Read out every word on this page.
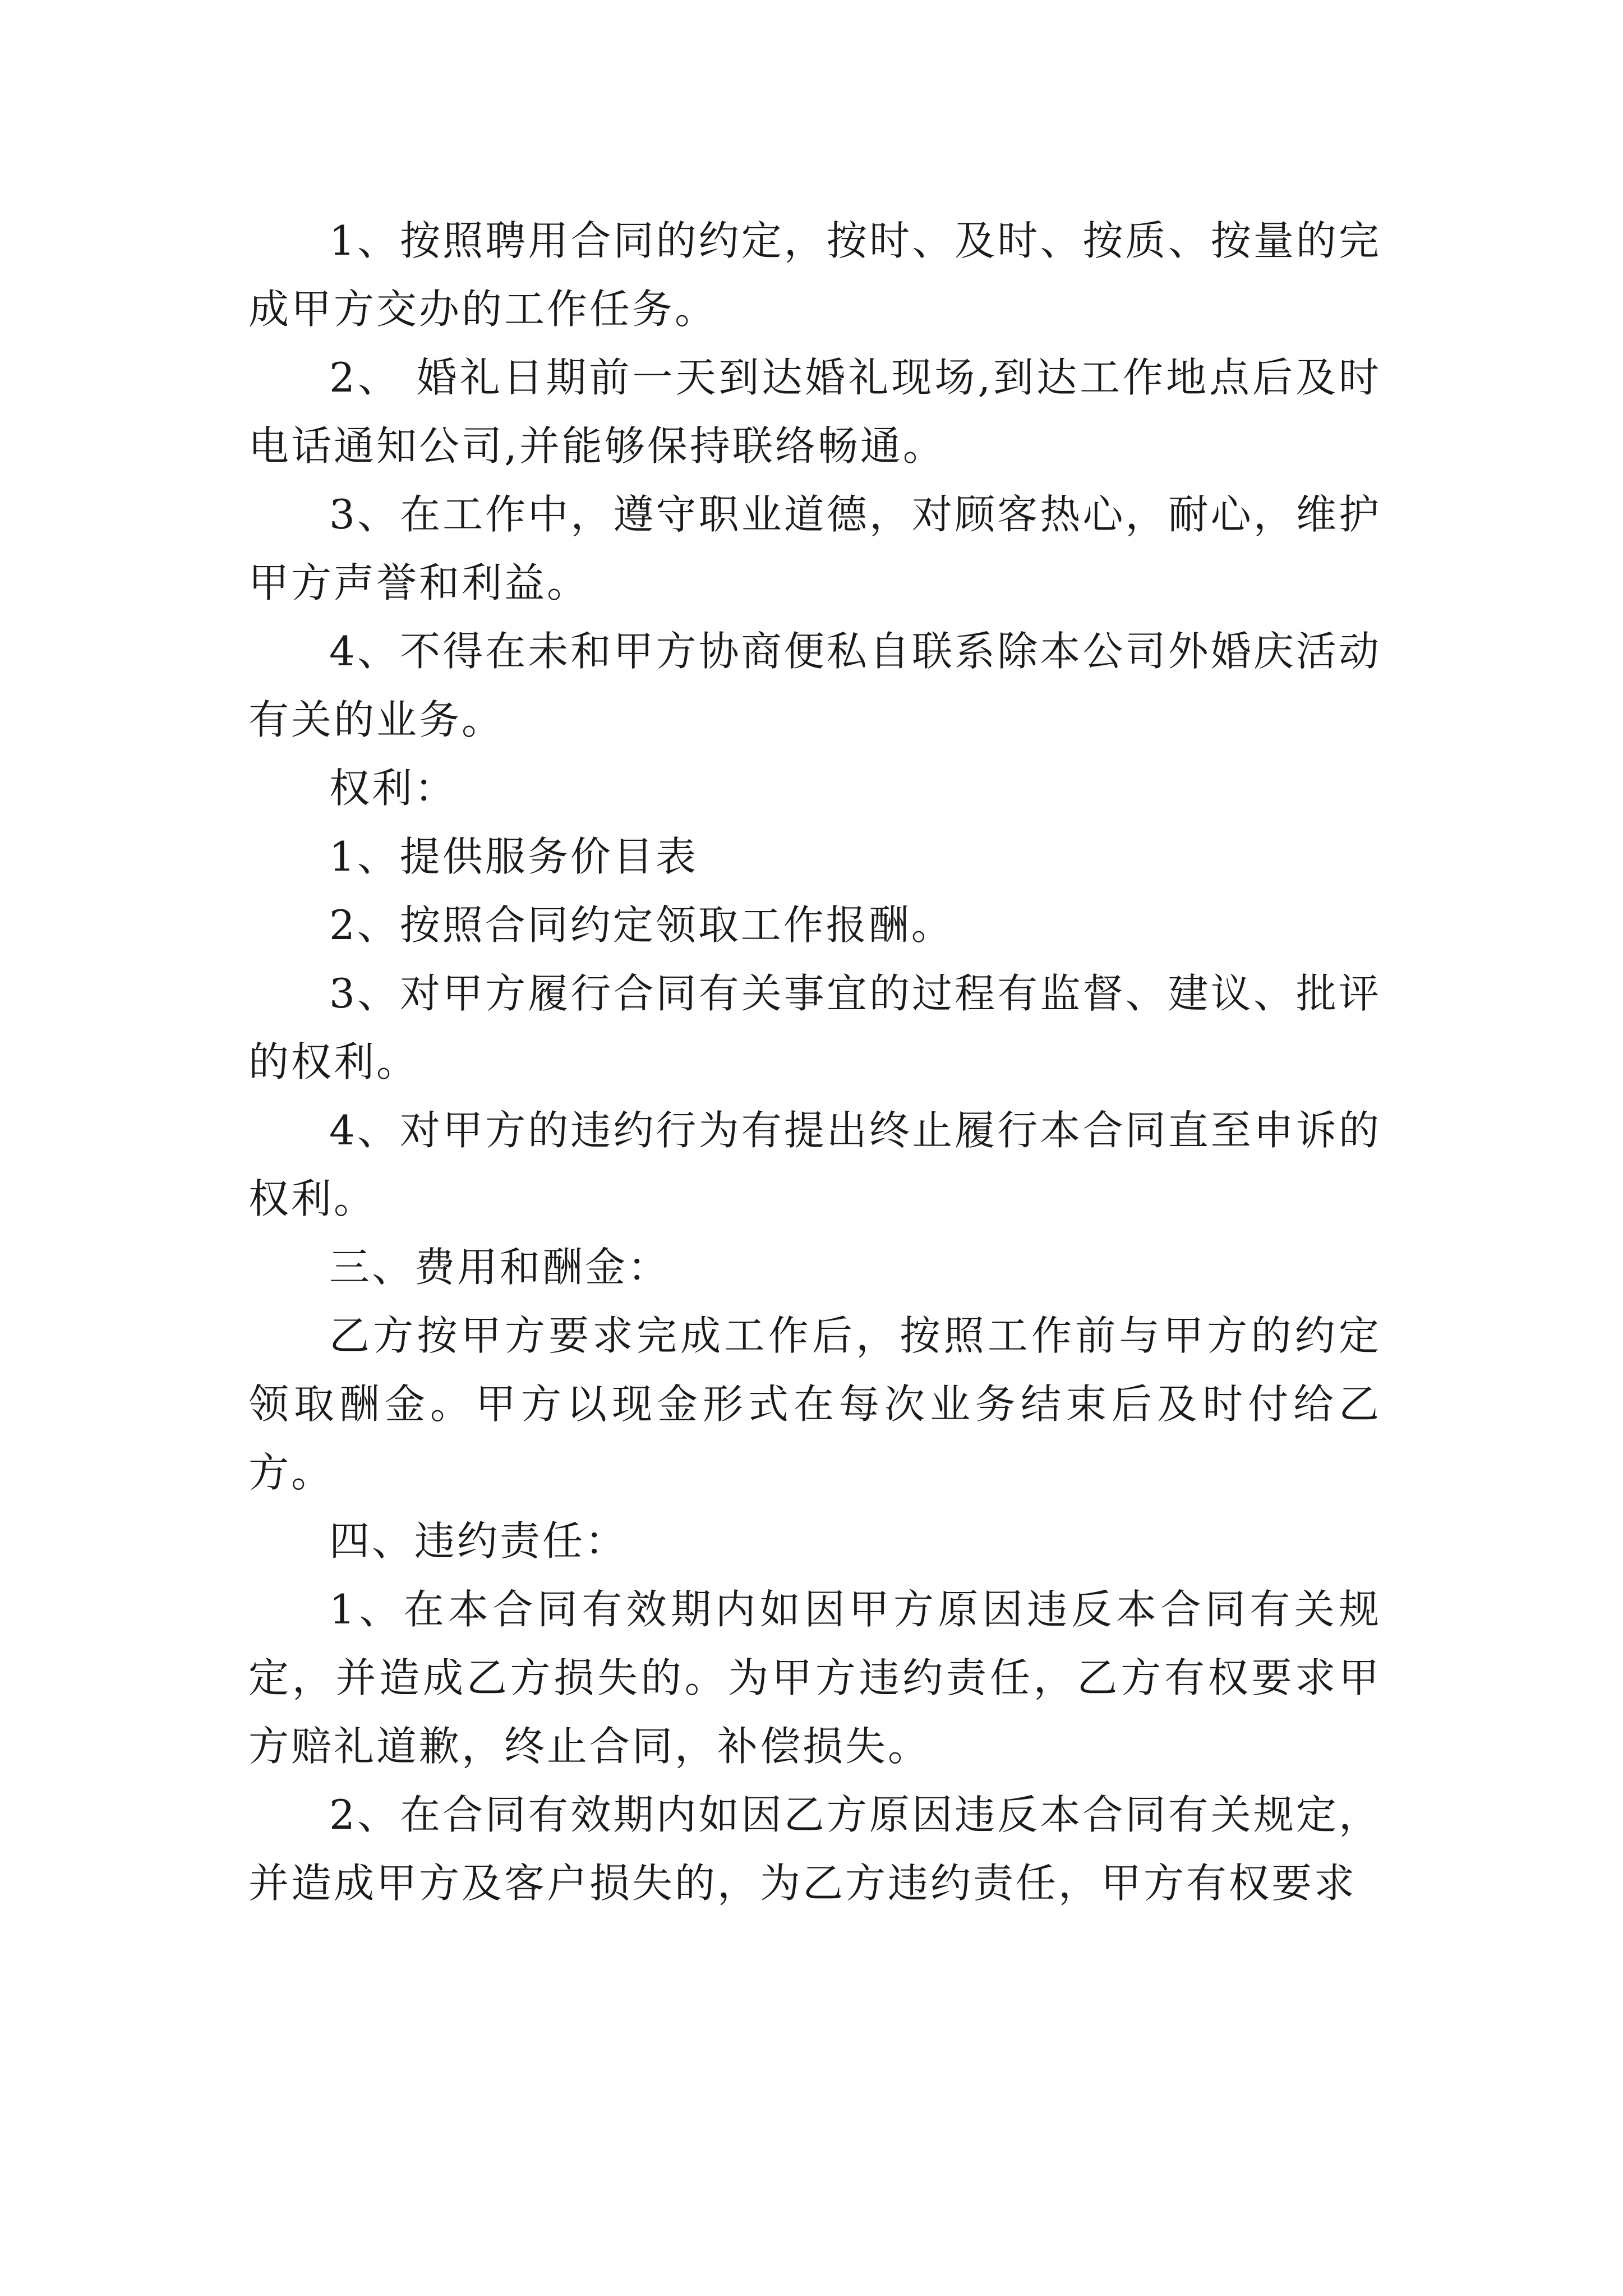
1、按照聘用合同的约定，按时、及时、按质、按量的完成甲方交办的工作任务。

2、 婚礼日期前一天到达婚礼现场,到达工作地点后及时电话通知公司,并能够保持联络畅通。

3、在工作中，遵守职业道德，对顾客热心，耐心，维护甲方声誉和利益。

4、不得在未和甲方协商便私自联系除本公司外婚庆活动有关的业务。

权利：

1、提供服务价目表

2、按照合同约定领取工作报酬。

3、对甲方履行合同有关事宜的过程有监督、建议、批评的权利。

4、对甲方的违约行为有提出终止履行本合同直至申诉的权利。

三、费用和酬金：

乙方按甲方要求完成工作后，按照工作前与甲方的约定领取酬金。甲方以现金形式在每次业务结束后及时付给乙方。

四、违约责任：

1、在本合同有效期内如因甲方原因违反本合同有关规定，并造成乙方损失的。为甲方违约责任，乙方有权要求甲方赔礼道歉，终止合同，补偿损失。

2、在合同有效期内如因乙方原因违反本合同有关规定，并造成甲方及客户损失的，为乙方违约责任，甲方有权要求
